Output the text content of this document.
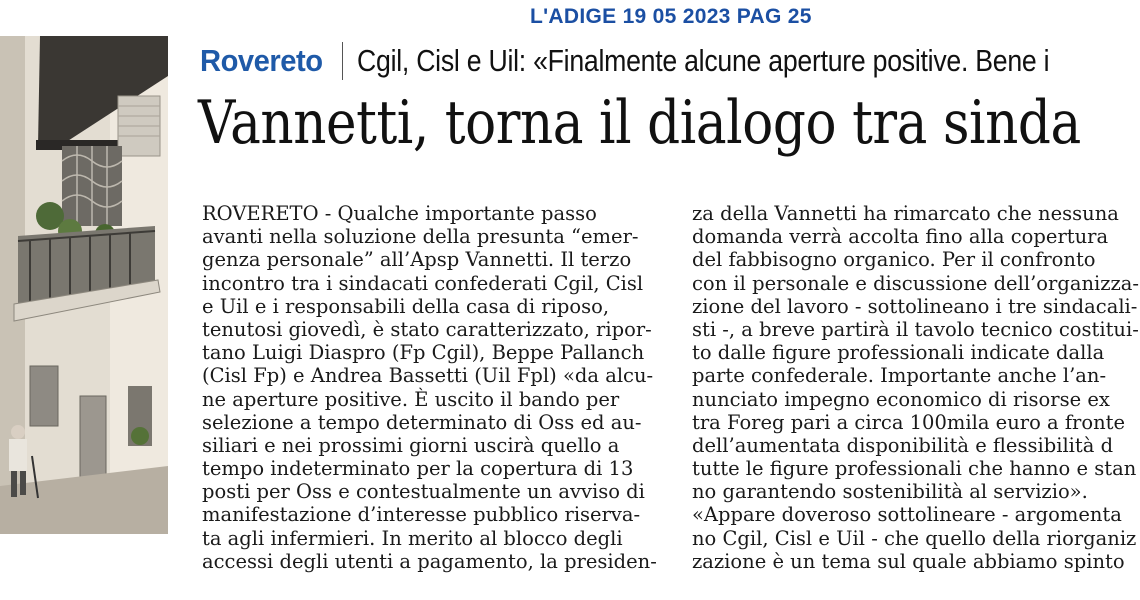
L'ADIGE 19 05 2023 PAG 25
Rovereto Cgil, Cisl e Uil: «Finalmente alcune aperture positive. Bene i
Vannetti, torna il dialogo tra sinda
ROVERETO - Qualche importante passo
avanti nella soluzione della presunta “emer-
genza personale” all’Apsp Vannetti. Il terzo
incontro tra i sindacati confederati Cgil, Cisl
e Uil e i responsabili della casa di riposo,
tenutosi giovedì, è stato caratterizzato, ripor-
tano Luigi Diaspro (Fp Cgil), Beppe Pallanch
(Cisl Fp) e Andrea Bassetti (Uil Fpl) «da alcu-
ne aperture positive. È uscito il bando per
selezione a tempo determinato di Oss ed au-
siliari e nei prossimi giorni uscirà quello a
tempo indeterminato per la copertura di 13
posti per Oss e contestualmente un avviso di
manifestazione d’interesse pubblico riserva-
ta agli infermieri. In merito al blocco degli
accessi degli utenti a pagamento, la presiden-
za della Vannetti ha rimarcato che nessuna
domanda verrà accolta fino alla copertura
del fabbisogno organico. Per il confronto
con il personale e discussione dell’organizza-
zione del lavoro - sottolineano i tre sindacali-
sti -, a breve partirà il tavolo tecnico costitui-
to dalle figure professionali indicate dalla
parte confederale. Importante anche l’an-
nunciato impegno economico di risorse ex
tra Foreg pari a circa 100mila euro a fronte
dell’aumentata disponibilità e flessibilità d
tutte le figure professionali che hanno e stan
no garantendo sostenibilità al servizio».
«Appare doveroso sottolineare - argomenta
no Cgil, Cisl e Uil - che quello della riorganiz
zazione è un tema sul quale abbiamo spinto
